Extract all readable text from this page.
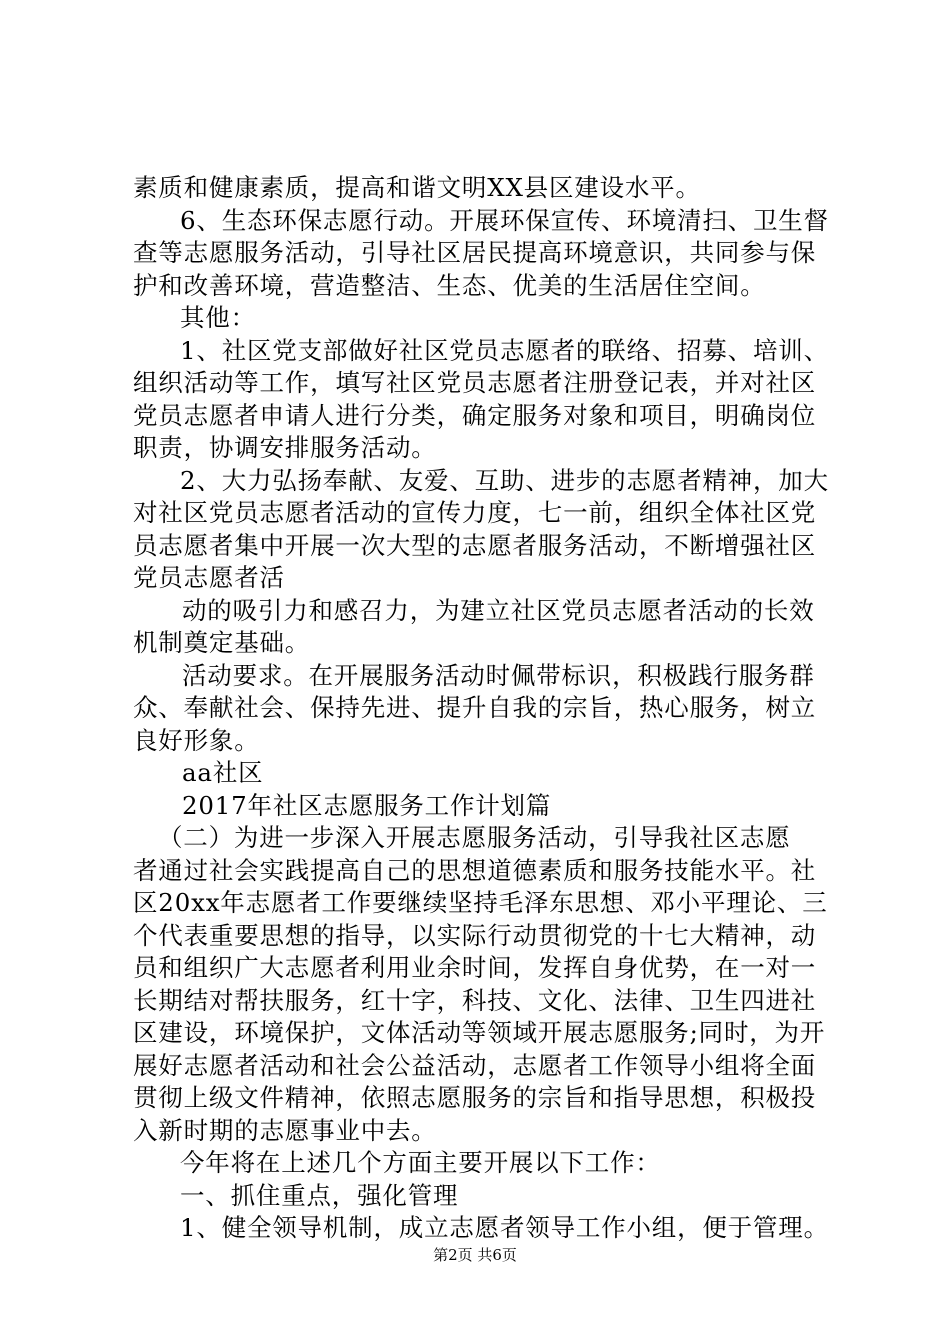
素质和健康素质，提高和谐文明XX县区建设水平。
6、生态环保志愿行动。开展环保宣传、环境清扫、卫生督
查等志愿服务活动，引导社区居民提高环境意识，共同参与保
护和改善环境，营造整洁、生态、优美的生活居住空间。
其他：
1、社区党支部做好社区党员志愿者的联络、招募、培训、
组织活动等工作，填写社区党员志愿者注册登记表，并对社区
党员志愿者申请人进行分类，确定服务对象和项目，明确岗位
职责，协调安排服务活动。
2、大力弘扬奉献、友爱、互助、进步的志愿者精神，加大
对社区党员志愿者活动的宣传力度，七一前，组织全体社区党
员志愿者集中开展一次大型的志愿者服务活动，不断增强社区
党员志愿者活
动的吸引力和感召力，为建立社区党员志愿者活动的长效
机制奠定基础。
活动要求。在开展服务活动时佩带标识，积极践行服务群
众、奉献社会、保持先进、提升自我的宗旨，热心服务，树立
良好形象。
aa社区
2017年社区志愿服务工作计划篇
（二）为进一步深入开展志愿服务活动，引导我社区志愿
者通过社会实践提高自己的思想道德素质和服务技能水平。社
区20xx年志愿者工作要继续坚持毛泽东思想、邓小平理论、三
个代表重要思想的指导，以实际行动贯彻党的十七大精神，动
员和组织广大志愿者利用业余时间，发挥自身优势，在一对一
长期结对帮扶服务，红十字，科技、文化、法律、卫生四进社
区建设，环境保护，文体活动等领域开展志愿服务;同时，为开
展好志愿者活动和社会公益活动，志愿者工作领导小组将全面
贯彻上级文件精神，依照志愿服务的宗旨和指导思想，积极投
入新时期的志愿事业中去。
今年将在上述几个方面主要开展以下工作：
一、抓住重点，强化管理
1、健全领导机制，成立志愿者领导工作小组，便于管理。
第2页 共6页
